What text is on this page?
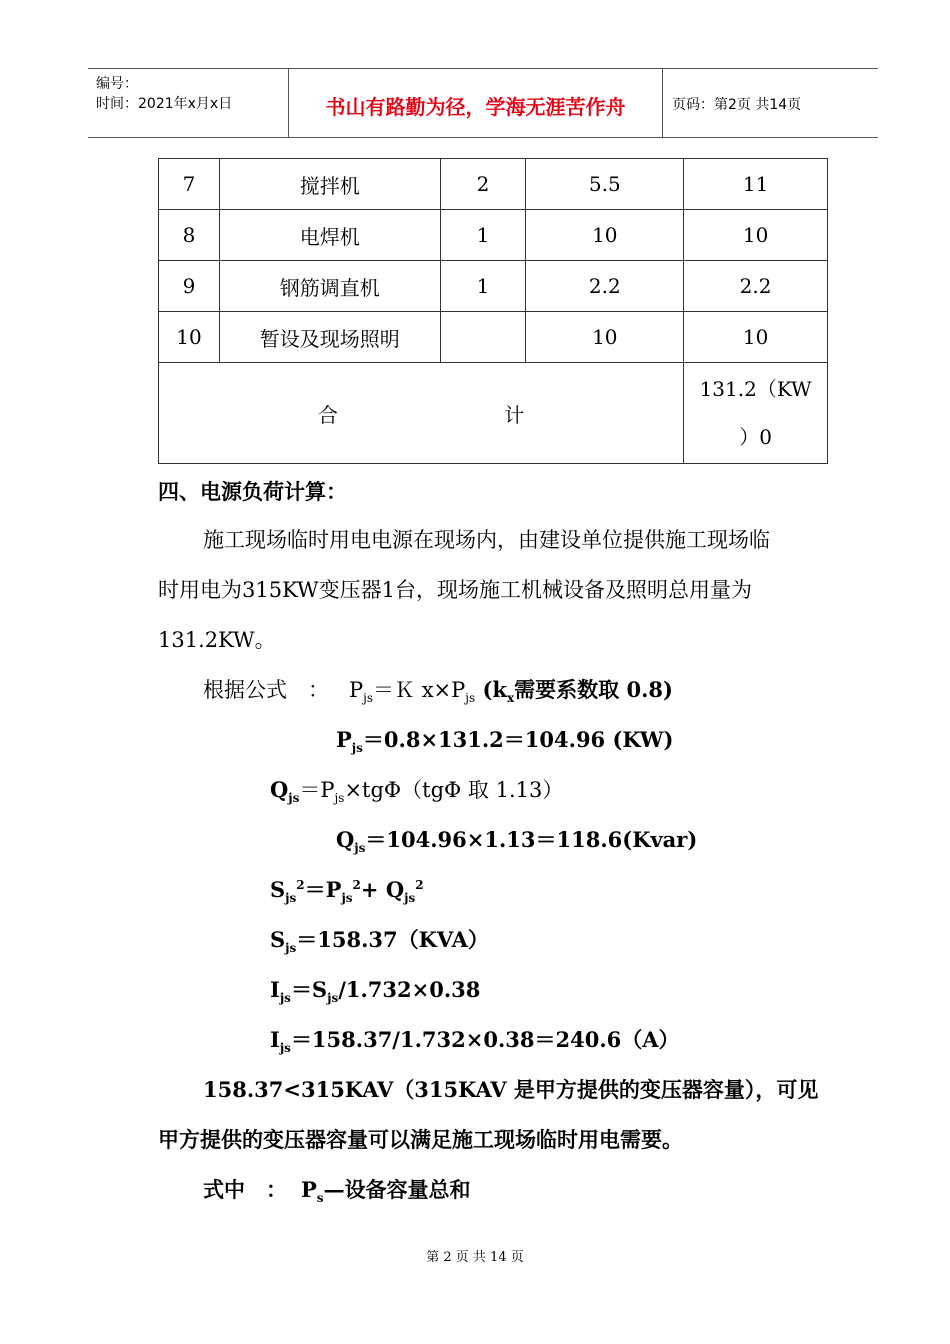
编号：
时间：2021年x月x日	书山有路勤为径，学海无涯苦作舟	页码：第2页 共14页
7	搅拌机	2	5.5	11
8	电焊机	1	10	10
9	钢筋调直机	1	2.2	2.2
10	暂设及现场照明		10	10
合 计				131.2（KW
）0
四、电源负荷计算：
施工现场临时用电电源在现场内，由建设单位提供施工现场临
时用电为315KW变压器1台，现场施工机械设备及照明总用量为
131.2KW。
根据公式　： $P_{js}=K$ $x\times P_{js}$ ($k_x$需要系数取 0.8)
$P_{js}=0.8\times 131.2=104.96$ (KW)
$Q_{js}=P_{js}\times tg\Phi(tg\Phi$ 取 1.13）
$Q_{js}=104.96\times 1.13=118.6(Kvar)$
$S_{js}^2=P_{js}^2+ Q_{js}^2$
$S_{js}=158.37(KVA)$
$I_{js}=S_{js}/1.732\times 0.38$
$I_{js}=158.37/1.732\times 0.38=240.6(A)$
158.37<315KAV（315KAV 是甲方提供的变压器容量），可见
甲方提供的变压器容量可以满足施工现场临时用电需要。
式中　： $P_s—$设备容量总和
第 2 页 共 14 页
